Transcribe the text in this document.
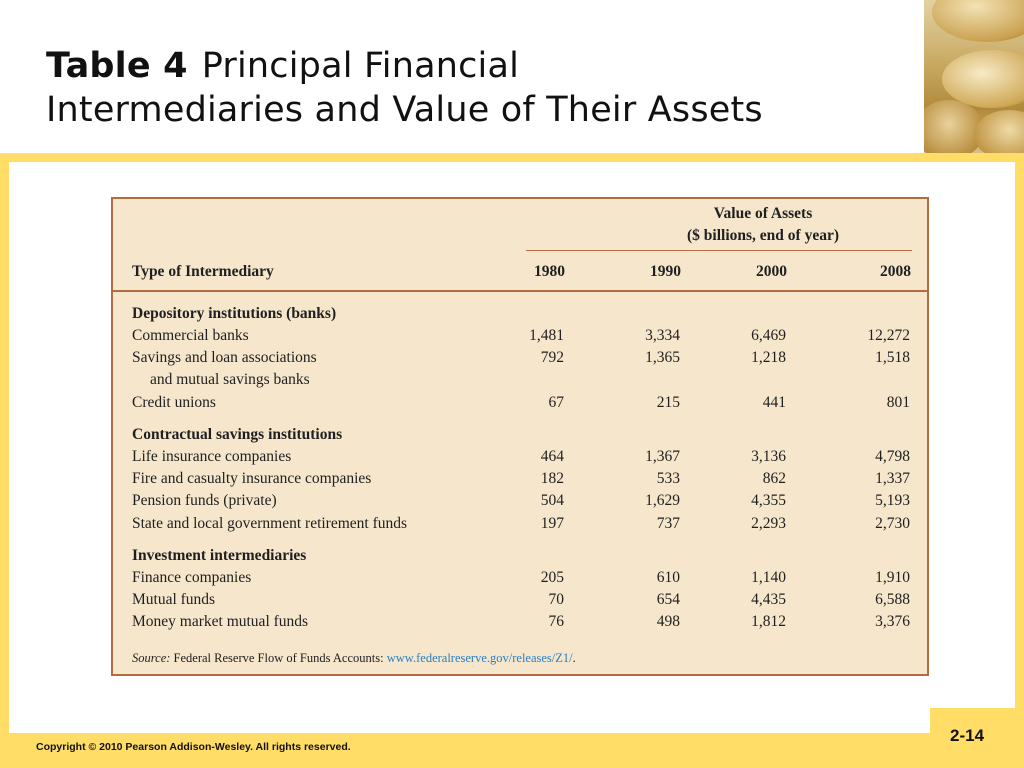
Table 4 Principal Financial
Intermediaries and Value of Their Assets
Value of Assets
($ billions, end of year)
Type of Intermediary	1980	1990	2000	2008
Depository institutions (banks)
Commercial banks	1,481	3,334	6,469	12,272
Savings and loan associations	792	1,365	1,218	1,518
and mutual savings banks
Credit unions	67	215	441	801
Contractual savings institutions
Life insurance companies	464	1,367	3,136	4,798
Fire and casualty insurance companies	182	533	862	1,337
Pension funds (private)	504	1,629	4,355	5,193
State and local government retirement funds	197	737	2,293	2,730
Investment intermediaries
Finance companies	205	610	1,140	1,910
Mutual funds	70	654	4,435	6,588
Money market mutual funds	76	498	1,812	3,376
Source: Federal Reserve Flow of Funds Accounts: www.federalreserve.gov/releases/Z1/.
Copyright © 2010 Pearson Addison-Wesley. All rights reserved.
2-14
